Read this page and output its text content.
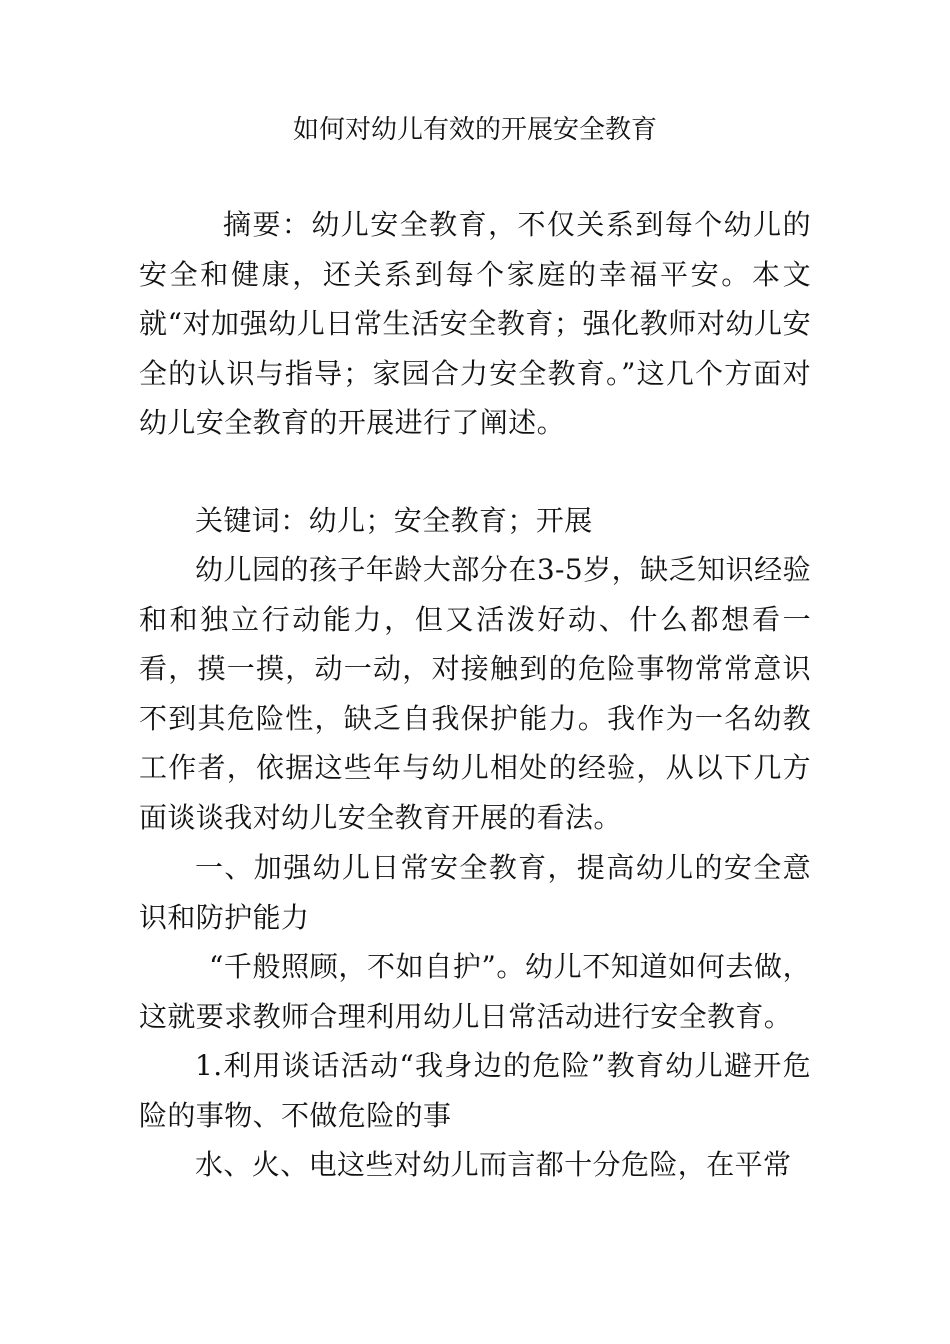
如何对幼儿有效的开展安全教育

摘要：幼儿安全教育，不仅关系到每个幼儿的安全和健康，还关系到每个家庭的幸福平安。本文就“对加强幼儿日常生活安全教育；强化教师对幼儿安全的认识与指导；家园合力安全教育。”这几个方面对幼儿安全教育的开展进行了阐述。

关键词：幼儿；安全教育；开展

幼儿园的孩子年龄大部分在3-5岁，缺乏知识经验和和独立行动能力，但又活泼好动、什么都想看一看，摸一摸，动一动，对接触到的危险事物常常意识不到其危险性，缺乏自我保护能力。我作为一名幼教工作者，依据这些年与幼儿相处的经验，从以下几方面谈谈我对幼儿安全教育开展的看法。

一、加强幼儿日常安全教育，提高幼儿的安全意识和防护能力

“千般照顾，不如自护”。幼儿不知道如何去做，这就要求教师合理利用幼儿日常活动进行安全教育。

1.利用谈话活动“我身边的危险”教育幼儿避开危险的事物、不做危险的事

水、火、电这些对幼儿而言都十分危险，在平常
